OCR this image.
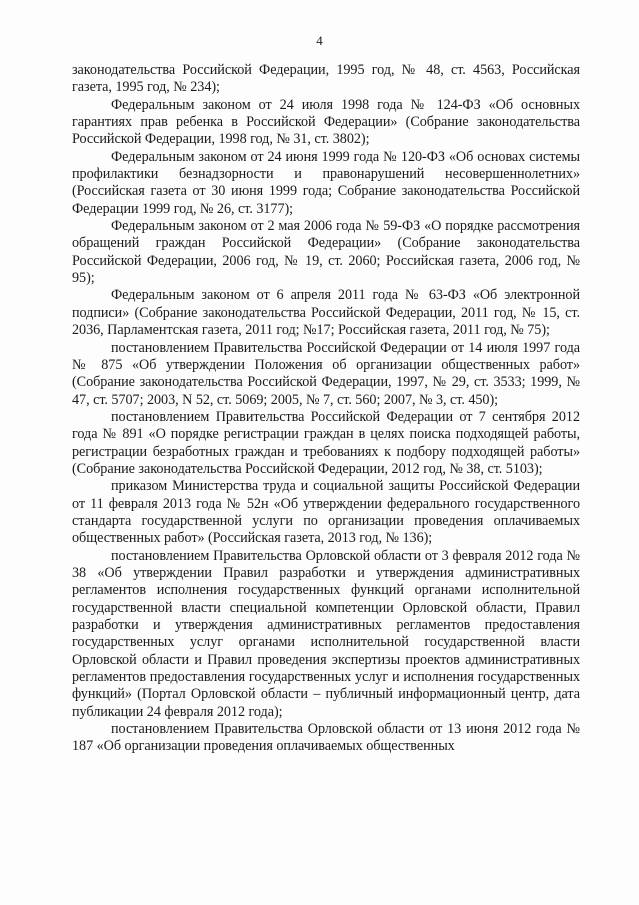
4

законодательства Российской Федерации, 1995 год, № 48, ст. 4563, Российская газета, 1995 год, № 234);

Федеральным законом от 24 июля 1998 года № 124-ФЗ «Об основных гарантиях прав ребенка в Российской Федерации» (Собрание законодательства Российской Федерации, 1998 год, № 31, ст. 3802);

Федеральным законом от 24 июня 1999 года № 120-ФЗ «Об основах системы профилактики безнадзорности и правонарушений несовершеннолетних» (Российская газета от 30 июня 1999 года; Собрание законодательства Российской Федерации 1999 год, № 26, ст. 3177);

Федеральным законом от 2 мая 2006 года № 59-ФЗ «О порядке рассмотрения обращений граждан Российской Федерации» (Собрание законодательства Российской Федерации, 2006 год, № 19, ст. 2060; Российская газета, 2006 год, № 95);

Федеральным законом от 6 апреля 2011 года № 63-ФЗ «Об электронной подписи» (Собрание законодательства Российской Федерации, 2011 год, № 15, ст. 2036, Парламентская газета, 2011 год; №17; Российская газета, 2011 год, № 75);

постановлением Правительства Российской Федерации от 14 июля 1997 года № 875 «Об утверждении Положения об организации общественных работ» (Собрание законодательства Российской Федерации, 1997, № 29, ст. 3533; 1999, № 47, ст. 5707; 2003, N 52, ст. 5069; 2005, № 7, ст. 560; 2007, № 3, ст. 450);

постановлением Правительства Российской Федерации от 7 сентября 2012 года № 891 «О порядке регистрации граждан в целях поиска подходящей работы, регистрации безработных граждан и требованиях к подбору подходящей работы» (Собрание законодательства Российской Федерации, 2012 год, № 38, ст. 5103);

приказом Министерства труда и социальной защиты Российской Федерации от 11 февраля 2013 года № 52н «Об утверждении федерального государственного стандарта государственной услуги по организации проведения оплачиваемых общественных работ» (Российская газета, 2013 год, № 136);

постановлением Правительства Орловской области от 3 февраля 2012 года № 38 «Об утверждении Правил разработки и утверждения административных регламентов исполнения государственных функций органами исполнительной государственной власти специальной компетенции Орловской области, Правил разработки и утверждения административных регламентов предоставления государственных услуг органами исполнительной государственной власти Орловской области и Правил проведения экспертизы проектов административных регламентов предоставления государственных услуг и исполнения государственных функций» (Портал Орловской области – публичный информационный центр, дата публикации 24 февраля 2012 года);

постановлением Правительства Орловской области от 13 июня 2012 года № 187 «Об организации проведения оплачиваемых общественных
